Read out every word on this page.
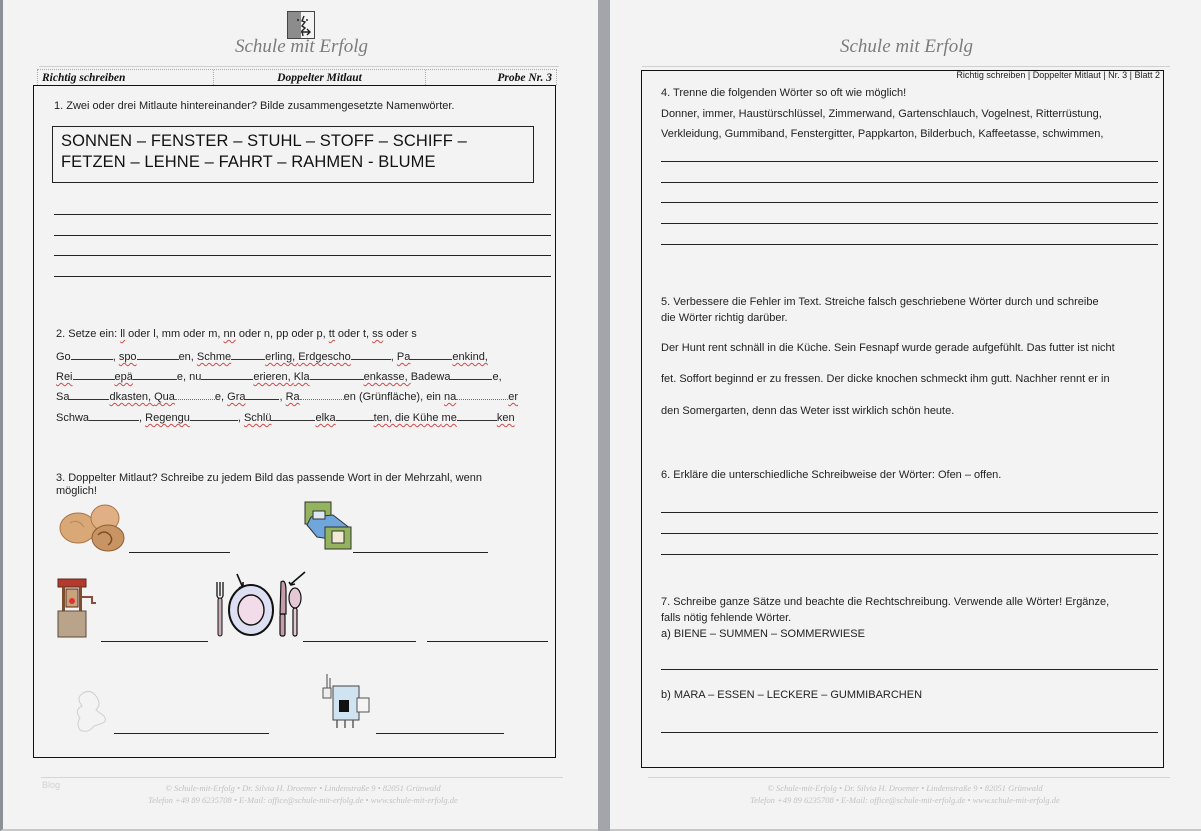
Schule mit Erfolg
Richtig schreiben	Doppelter Mitlaut	Probe Nr. 3
1. Zwei oder drei Mitlaute hintereinander? Bilde zusammengesetzte Namenwörter.
SONNEN – FENSTER – STUHL – STOFF – SCHIFF –
FETZEN – LEHNE – FAHRT – RAHMEN - BLUME
2. Setze ein: ll oder l, mm oder m, nn oder n, pp oder p, tt oder t, ss oder s
Go	, spo	en, Schme	erling, Erdgescho	, Pa	enkind,
Rei	epä	e, nu	erieren, Kla	enkasse, Badewa	e,
Sa	dkasten, Qua	e, Gra	, Ra	en (Grünfläche), ein na	er
Schwa	, Regengu	, Schlü	elka	ten, die Kühe me	ken
3. Doppelter Mitlaut? Schreibe zu jedem Bild das passende Wort in der Mehrzahl, wenn
möglich!
Blog	© Schule-mit-Erfolg • Dr. Silvia H. Droemer • Lindenstraße 9 • 82051 Grünwald
Telefon +49 89 6235708 • E-Mail: office@schule-mit-erfolg.de • www.schule-mit-erfolg.de
Schule mit Erfolg
Richtig schreiben | Doppelter Mitlaut | Nr. 3 | Blatt 2
4. Trenne die folgenden Wörter so oft wie möglich!
Donner, immer, Haustürschlüssel, Zimmerwand, Gartenschlauch, Vogelnest, Ritterrüstung,
Verkleidung, Gummiband, Fenstergitter, Pappkarton, Bilderbuch, Kaffeetasse, schwimmen,
5. Verbessere die Fehler im Text. Streiche falsch geschriebene Wörter durch und schreibe
die Wörter richtig darüber.
Der Hunt rent schnäll in die Küche. Sein Fesnapf wurde gerade aufgefühlt. Das futter ist nicht
fet. Soffort beginnd er zu fressen. Der dicke knochen schmeckt ihm gutt. Nachher rennt er in
den Somergarten, denn das Weter isst wirklich schön heute.
6. Erkläre die unterschiedliche Schreibweise der Wörter: Ofen – offen.
7. Schreibe ganze Sätze und beachte die Rechtschreibung. Verwende alle Wörter! Ergänze,
falls nötig fehlende Wörter.
a) BIENE – SUMMEN – SOMMERWIESE
b) MARA – ESSEN – LECKERE – GUMMIBARCHEN
© Schule-mit-Erfolg • Dr. Silvia H. Droemer • Lindenstraße 9 • 82051 Grünwald
Telefon +49 89 6235708 • E-Mail: office@schule-mit-erfolg.de • www.schule-mit-erfolg.de
